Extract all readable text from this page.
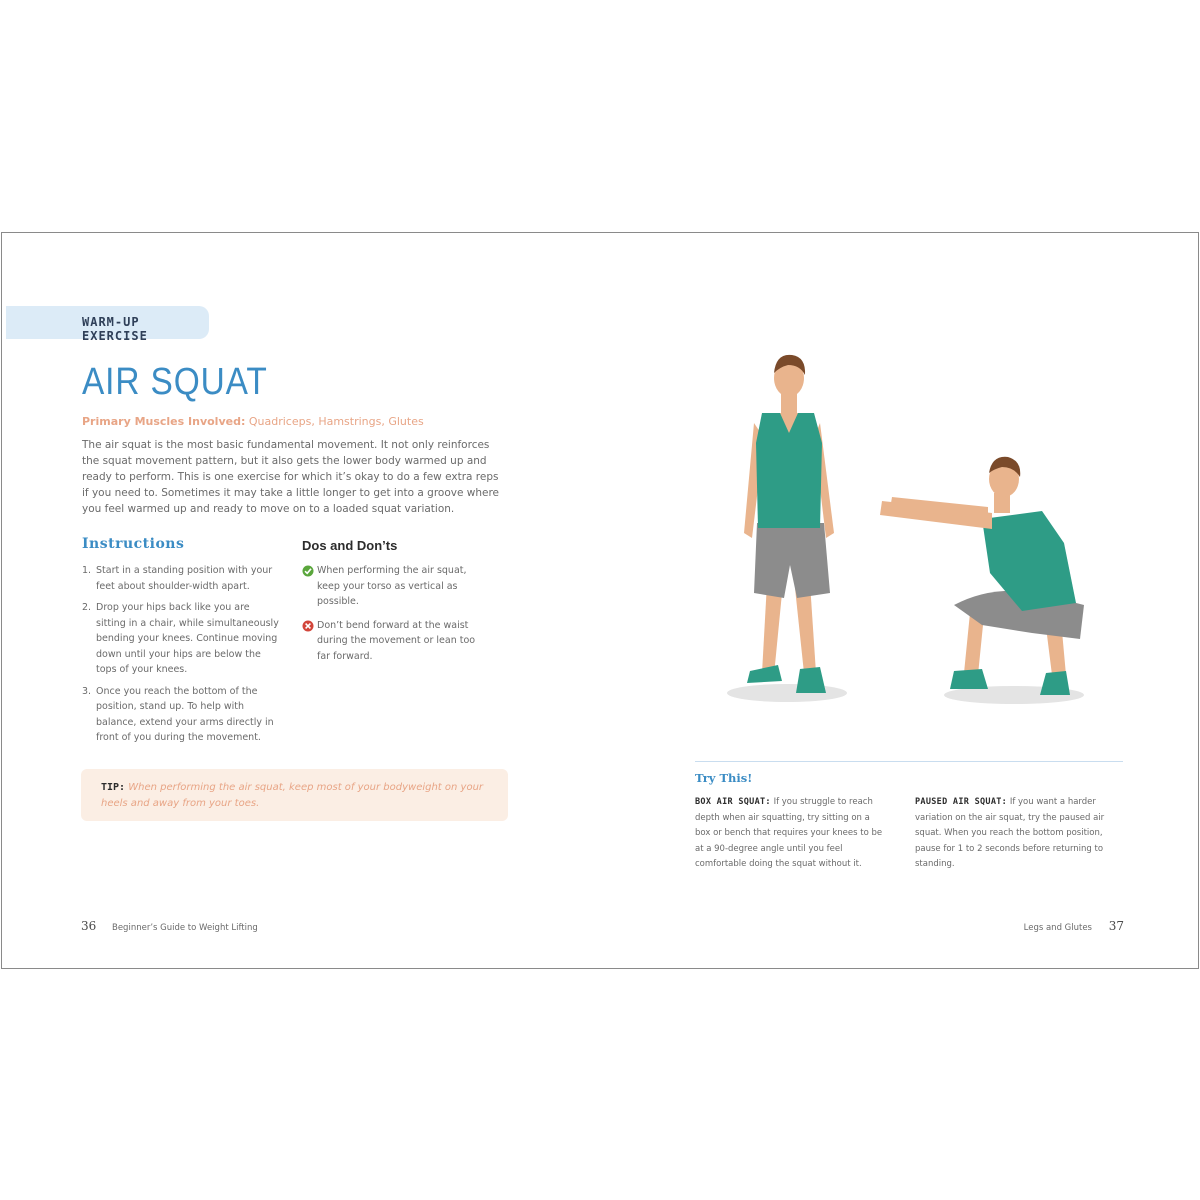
WARM-UP EXERCISE
AIR SQUAT
Primary Muscles Involved: Quadriceps, Hamstrings, Glutes
The air squat is the most basic fundamental movement. It not only reinforces the squat movement pattern, but it also gets the lower body warmed up and ready to perform. This is one exercise for which it’s okay to do a few extra reps if you need to. Sometimes it may take a little longer to get into a groove where you feel warmed up and ready to move on to a loaded squat variation.
Instructions	Dos and Don’ts
1. Start in a standing position with your feet about shoulder-width apart.
2. Drop your hips back like you are sitting in a chair, while simultaneously bending your knees. Continue moving down until your hips are below the tops of your knees.
3. Once you reach the bottom of the position, stand up. To help with balance, extend your arms directly in front of you during the movement.
When performing the air squat, keep your torso as vertical as possible.
Don’t bend forward at the waist during the movement or lean too far forward.
TIP: When performing the air squat, keep most of your bodyweight on your heels and away from your toes.
Try This!
BOX AIR SQUAT: If you struggle to reach depth when air squatting, try sitting on a box or bench that requires your knees to be at a 90-degree angle until you feel comfortable doing the squat without it.
PAUSED AIR SQUAT: If you want a harder variation on the air squat, try the paused air squat. When you reach the bottom position, pause for 1 to 2 seconds before returning to standing.
36 Beginner’s Guide to Weight Lifting	Legs and Glutes 37
